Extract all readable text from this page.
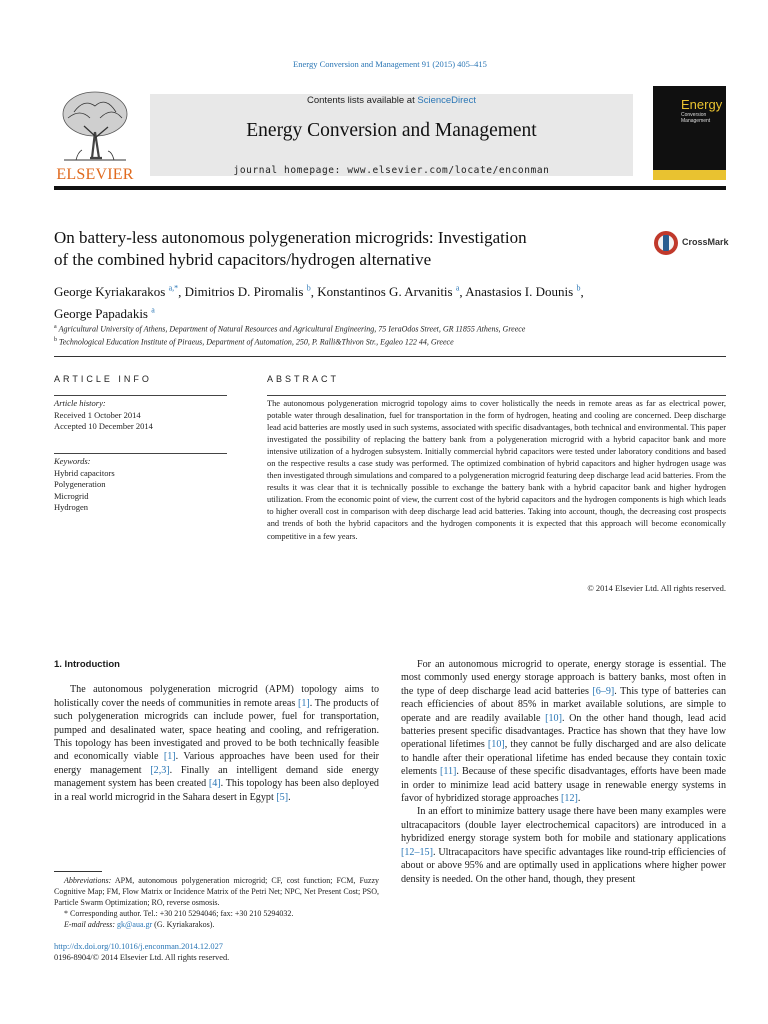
Energy Conversion and Management 91 (2015) 405–415
ELSEVIER
Contents lists available at ScienceDirect
Energy Conversion and Management
journal homepage: www.elsevier.com/locate/enconman
Energy
Conversion
Management
On battery-less autonomous polygeneration microgrids: Investigation
of the combined hybrid capacitors/hydrogen alternative
CrossMark
George Kyriakarakos $^{a,*}$, Dimitrios D. Piromalis $^b$, Konstantinos G. Arvanitis $^a$, Anastasios I. Dounis $^b$,
George Papadakis $^a$
$^a$ Agricultural University of Athens, Department of Natural Resources and Agricultural Engineering, 75 IeraOdos Street, GR 11855 Athens, Greece
$^b$ Technological Education Institute of Piraeus, Department of Automation, 250, P. Ralli&Thivon Str., Egaleo 122 44, Greece
ARTICLE INFO	ABSTRACT
Article history:
Received 1 October 2014
Accepted 10 December 2014
Keywords:
Hybrid capacitors
Polygeneration
Microgrid
Hydrogen
The autonomous polygeneration microgrid topology aims to cover holistically the needs in remote areas as far as electrical power, potable water through desalination, fuel for transportation in the form of hydrogen, heating and cooling are concerned. Deep discharge lead acid batteries are mostly used in such systems, associated with specific disadvantages, both technical and environmental. This paper investigated the possibility of replacing the battery bank from a polygeneration microgrid with a hybrid capacitor bank and more intensive utilization of a hydrogen subsystem. Initially commercial hybrid capacitors were tested under laboratory conditions and based on the respective results a case study was performed. The optimized combination of hybrid capacitors and higher hydrogen usage was then investigated through simulations and compared to a polygeneration microgrid featuring deep discharge lead acid batteries. From the results it was clear that it is technically possible to exchange the battery bank with a hybrid capacitor bank and higher hydrogen utilization. From the economic point of view, the current cost of the hybrid capacitors and the hydrogen components is high which leads to higher overall cost in comparison with deep discharge lead acid batteries. Taking into account, though, the decreasing cost prospects and trends of both the hybrid capacitors and the hydrogen components it is expected that this approach will become economically competitive in a few years.
© 2014 Elsevier Ltd. All rights reserved.
1. Introduction

The autonomous polygeneration microgrid (APM) topology aims to holistically cover the needs of communities in remote areas [1]. The products of such polygeneration microgrids can include power, fuel for transportation, pumped and desalinated water, space heating and cooling, and refrigeration. This topology has been investigated and proved to be both technically feasible and economically viable [1]. Various approaches have been used for their energy management [2,3]. Finally an intelligent demand side energy management system has been created [4]. This topology has been also deployed in a real world microgrid in the Sahara desert in Egypt [5].

For an autonomous microgrid to operate, energy storage is essential. The most commonly used energy storage approach is battery banks, most often in the type of deep discharge lead acid batteries [6–9]. This type of batteries can reach efficiencies of about 85% in market available solutions, are simple to operate and are readily available [10]. On the other hand though, lead acid batteries present specific disadvantages. Practice has shown that they have low operational lifetimes [10], they cannot be fully discharged and are also delicate to handle after their operational lifetime has ended because they contain toxic elements [11]. Because of these specific disadvantages, efforts have been made in order to minimize lead acid battery usage in renewable energy systems in favor of hybridized storage approaches [12].

In an effort to minimize battery usage there have been many examples were ultracapacitors (double layer electrochemical capacitors) are introduced in a hybridized energy storage system both for mobile and stationary applications [12–15]. Ultracapacitors have specific advantages like round-trip efficiencies of about or above 95% and are optimally used in applications where higher power density is needed. On the other hand, though, they present

Abbreviations: APM, autonomous polygeneration microgrid; CF, cost function; FCM, Fuzzy Cognitive Map; FM, Flow Matrix or Incidence Matrix of the Petri Net; NPC, Net Present Cost; PSO, Particle Swarm Optimization; RO, reverse osmosis.

* Corresponding author. Tel.: +30 210 5294046; fax: +30 210 5294032.

E-mail address: gk@aua.gr (G. Kyriakarakos).

http://dx.doi.org/10.1016/j.enconman.2014.12.027
0196-8904/© 2014 Elsevier Ltd. All rights reserved.
